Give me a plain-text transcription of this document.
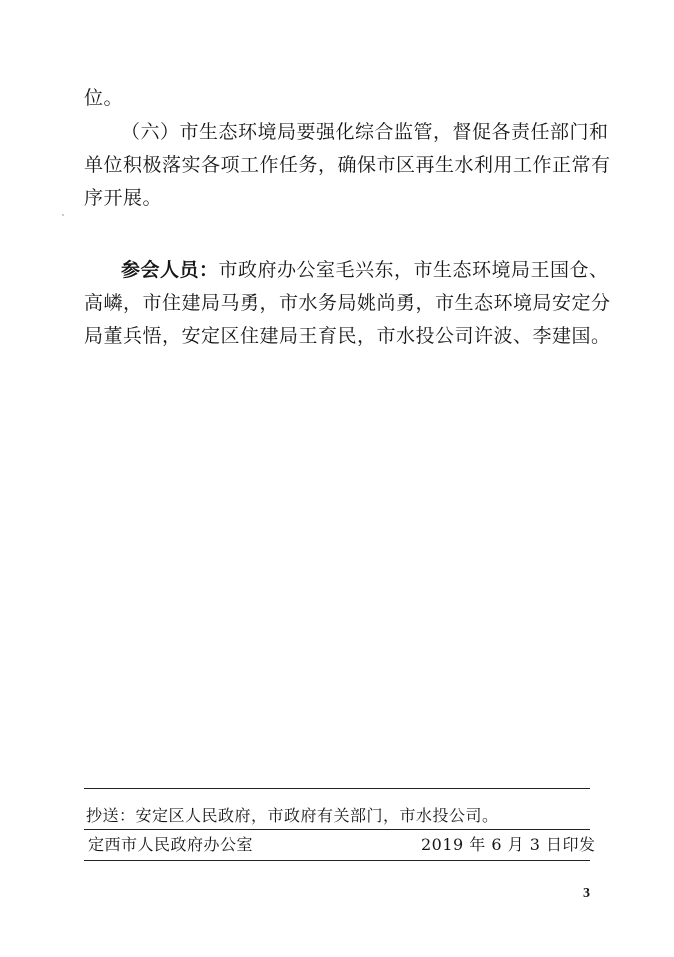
位。
（六）市生态环境局要强化综合监管，督促各责任部门和
单位积极落实各项工作任务，确保市区再生水利用工作正常有
序开展。
参会人员：市政府办公室毛兴东，市生态环境局王国仓、
高嶙，市住建局马勇，市水务局姚尚勇，市生态环境局安定分
局董兵悟，安定区住建局王育民，市水投公司许波、李建国。
抄送：安定区人民政府，市政府有关部门，市水投公司。
定西市人民政府办公室	2019 年 6 月 3 日印发
3
